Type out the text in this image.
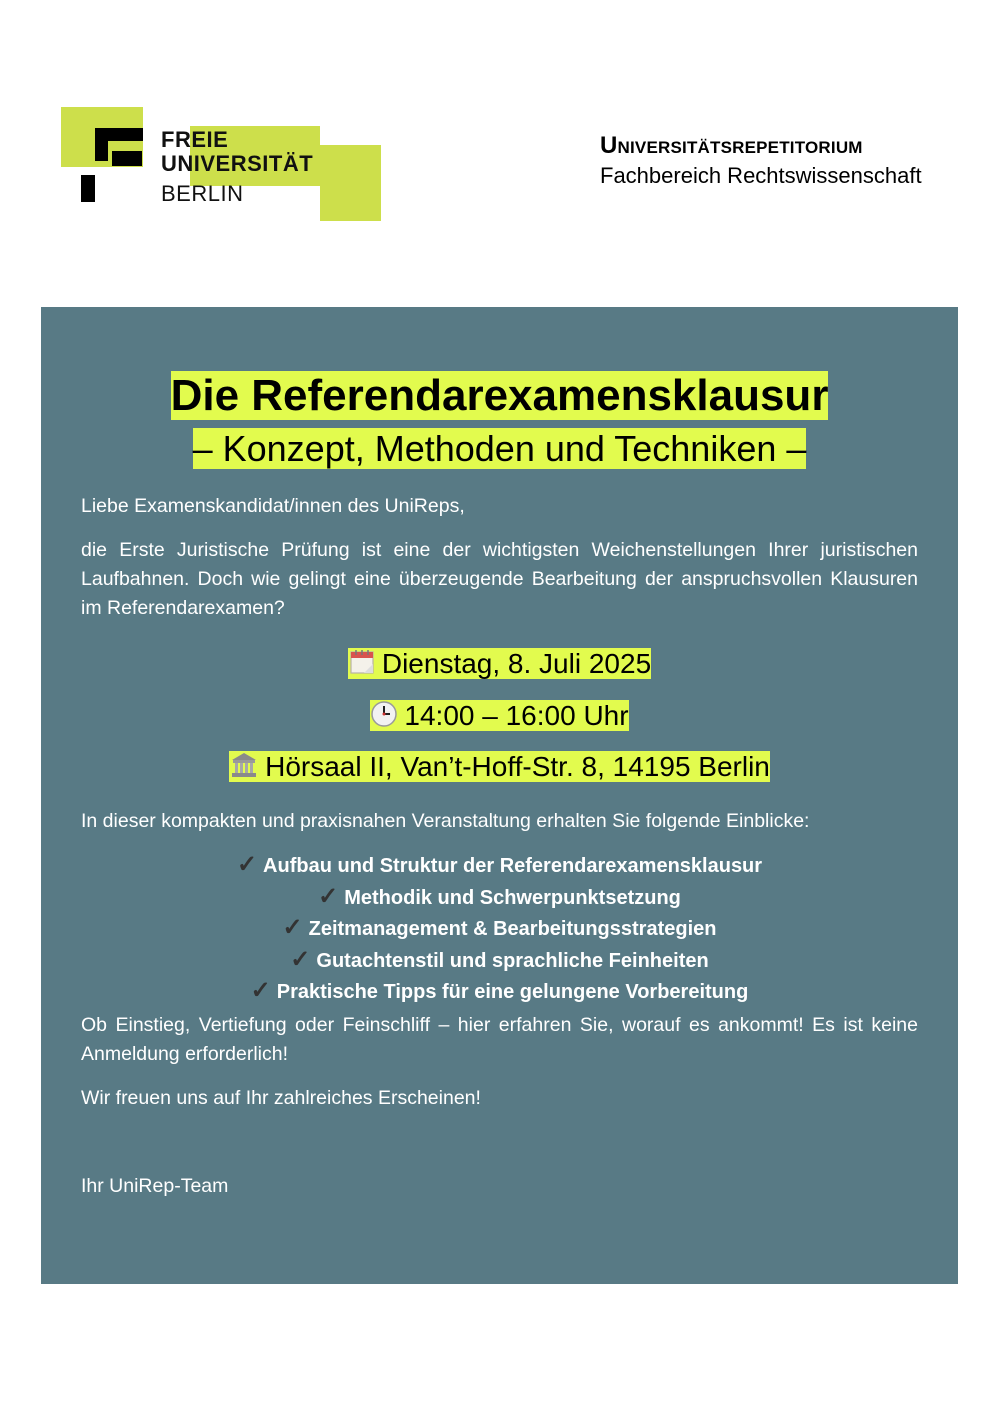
FREIE
UNIVERSITÄT
BERLIN
Universitätsrepetitorium
Fachbereich Rechtswissenschaft
Die Referendarexamensklausur
– Konzept, Methoden und Techniken –
Liebe Examenskandidat/innen des UniReps,
die Erste Juristische Prüfung ist eine der wichtigsten Weichenstellungen Ihrer juristischen Laufbahnen. Doch wie gelingt eine überzeugende Bearbeitung der anspruchsvollen Klausuren im Referendarexamen?
Dienstag, 8. Juli 2025
14:00 – 16:00 Uhr
Hörsaal II, Van’t-Hoff-Str. 8, 14195 Berlin
In dieser kompakten und praxisnahen Veranstaltung erhalten Sie folgende Einblicke:
✓ Aufbau und Struktur der Referendarexamensklausur
✓ Methodik und Schwerpunktsetzung
✓ Zeitmanagement & Bearbeitungsstrategien
✓ Gutachtenstil und sprachliche Feinheiten
✓ Praktische Tipps für eine gelungene Vorbereitung
Ob Einstieg, Vertiefung oder Feinschliff – hier erfahren Sie, worauf es ankommt! Es ist keine Anmeldung erforderlich!
Wir freuen uns auf Ihr zahlreiches Erscheinen!
Ihr UniRep-Team
